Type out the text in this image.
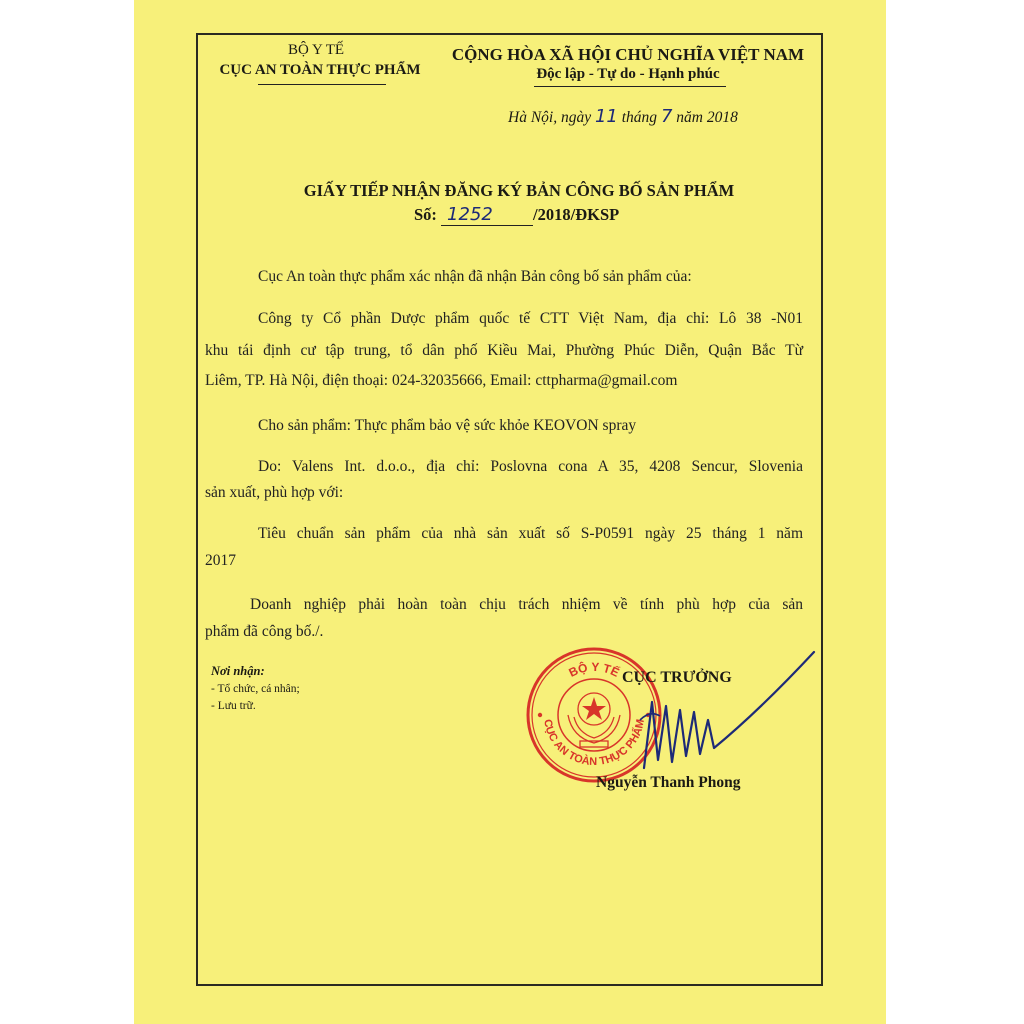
BỘ Y TẾ
CỤC AN TOÀN THỰC PHẨM
CỘNG HÒA XÃ HỘI CHỦ NGHĨA VIỆT NAM
Độc lập - Tự do - Hạnh phúc
Hà Nội, ngày 11 tháng 7 năm 2018
GIẤY TIẾP NHẬN ĐĂNG KÝ BẢN CÔNG BỐ SẢN PHẨM
Số: 1252 /2018/ĐKSP
Cục An toàn thực phẩm xác nhận đã nhận Bản công bố sản phẩm của:
Công ty Cổ phần Dược phẩm quốc tế CTT Việt Nam, địa chỉ: Lô 38 -N01
khu tái định cư tập trung, tổ dân phố Kiều Mai, Phường Phúc Diễn, Quận Bắc Từ
Liêm, TP. Hà Nội, điện thoại: 024-32035666, Email: cttpharma@gmail.com
Cho sản phẩm: Thực phẩm bảo vệ sức khỏe KEOVON spray
Do: Valens Int. d.o.o., địa chỉ: Poslovna cona A 35, 4208 Sencur, Slovenia
sản xuất, phù hợp với:
Tiêu chuẩn sản phẩm của nhà sản xuất số S-P0591 ngày 25 tháng 1 năm
2017
Doanh nghiệp phải hoàn toàn chịu trách nhiệm về tính phù hợp của sản
phẩm đã công bố./.
Nơi nhận:
- Tổ chức, cá nhân;
- Lưu trữ.
BỘ Y TẾ
CỤC AN TOÀN THỰC PHẨM
CỤC TRƯỞNG
Nguyễn Thanh Phong
